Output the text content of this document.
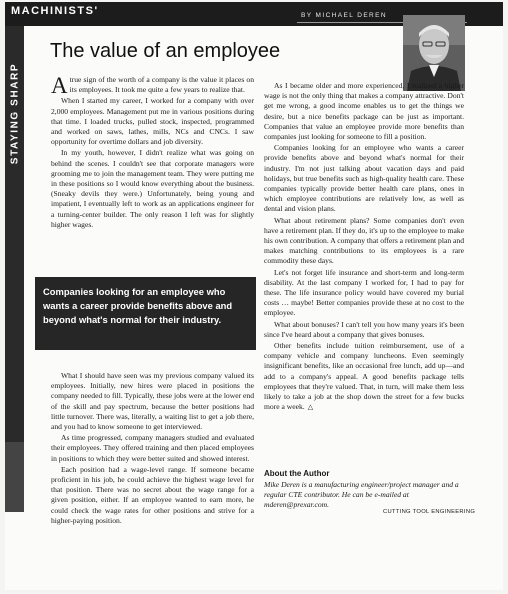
MACHINISTS'	BY MICHAEL DEREN
STAYING SHARP
The value of an employee

Atrue sign of the worth of a company is the value it places on its employees. It took me quite a few years to realize that.

When I started my career, I worked for a company with over 2,000 employees. Management put me in various positions during that time. I loaded trucks, pulled stock, inspected, programmed and worked on saws, lathes, mills, NCs and CNCs. I saw opportunity for overtime dollars and job diversity.

In my youth, however, I didn't realize what was going on behind the scenes. I couldn't see that corporate managers were grooming me to join the management team. They were putting me in these positions so I would know everything about the business. (Sneaky devils they were.) Unfortunately, being young and impatient, I eventually left to work as an applications engineer for a turning-center builder. The only reason I left was for slightly higher wages.

Companies looking for an employee who wants a career provide benefits above and beyond what's normal for their industry.

What I should have seen was my previous company valued its employees. Initially, new hires were placed in positions the company needed to fill. Typically, these jobs were at the lower end of the skill and pay spectrum, because the better positions had little turnover. There was, literally, a waiting list to get a job there, and you had to know someone to get interviewed.

As time progressed, company managers studied and evaluated their employees. They offered training and then placed employees in positions to which they were better suited and showed interest.

Each position had a wage-level range. If someone became proficient in his job, he could achieve the highest wage level for that position. There was no secret about the wage range for a given position, either. If an employee wanted to earn more, he could check the wage rates for other positions and strive for a higher-paying position.

As I became older and more experienced, I realized a higher wage is not the only thing that makes a company attractive. Don't get me wrong, a good income enables us to get the things we desire, but a nice benefits package can be just as important. Companies that value an employee provide more benefits than companies just looking for someone to fill a position.

Companies looking for an employee who wants a career provide benefits above and beyond what's normal for their industry. I'm not just talking about vacation days and paid holidays, but true benefits such as high-quality health care. These companies typically provide better health care plans, ones in which employee contributions are relatively low, as well as dental and vision plans.

What about retirement plans? Some companies don't even have a retirement plan. If they do, it's up to the employee to make his own contribution. A company that offers a retirement plan and makes matching contributions to its employees is a rare commodity these days.

Let's not forget life insurance and short-term and long-term disability. At the last company I worked for, I had to pay for these. The life insurance policy would have covered my burial costs … maybe! Better companies provide these at no cost to the employee.

What about bonuses? I can't tell you how many years it's been since I've heard about a company that gives bonuses.

Other benefits include tuition reimbursement, use of a company vehicle and company luncheons. Even seemingly insignificant benefits, like an occasional free lunch, add up—and add to a company's appeal. A good benefits package tells employees that they're valued. That, in turn, will make them less likely to take a job at the shop down the street for a few bucks more a week. △

About the Author
Mike Deren is a manufacturing engineer/project manager and a regular CTE contributor. He can be e-mailed at mderen@prexar.com.
CUTTING TOOL ENGINEERING
